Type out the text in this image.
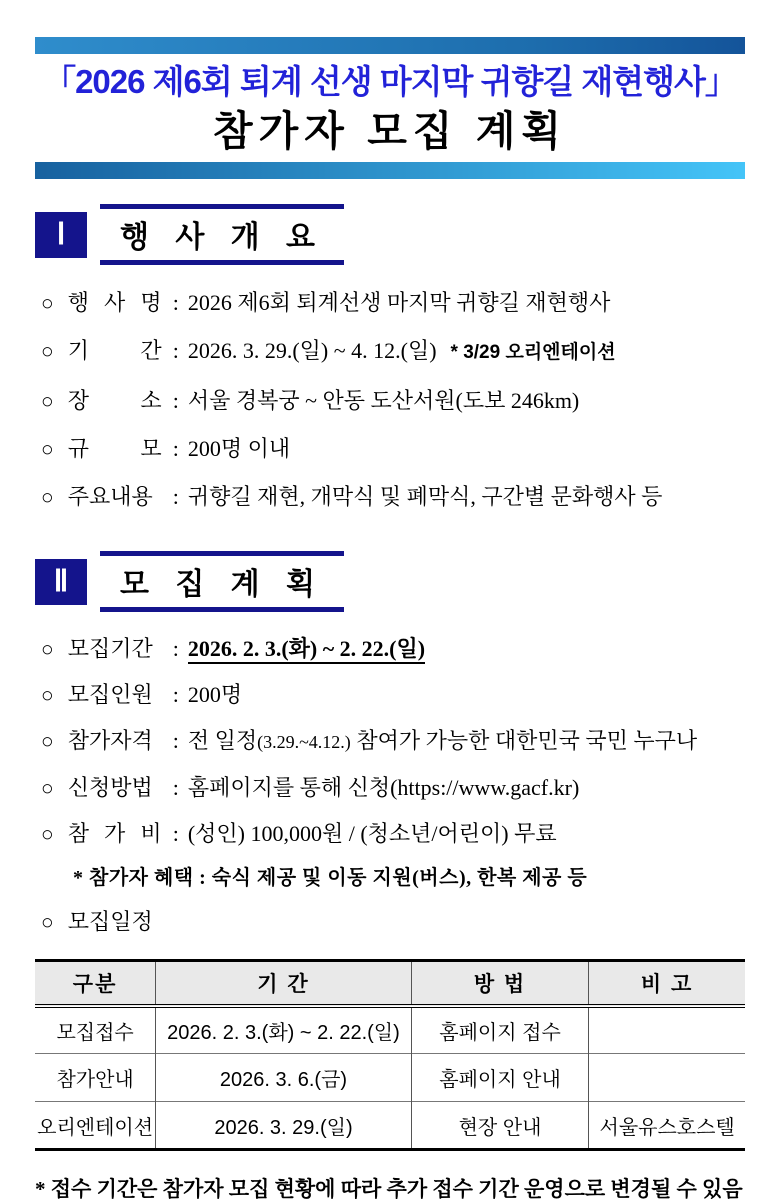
「2026 제6회 퇴계 선생 마지막 귀향길 재현행사」
참가자 모집 계획
Ⅰ	행 사 개 요
○ 행 사 명 : 2026 제6회 퇴계선생 마지막 귀향길 재현행사
○ 기 간 : 2026. 3. 29.(일) ~ 4. 12.(일) * 3/29 오리엔테이션
○ 장 소 : 서울 경복궁 ~ 안동 도산서원(도보 246km)
○ 규 모 : 200명 이내
○ 주요내용 : 귀향길 재현, 개막식 및 폐막식, 구간별 문화행사 등
Ⅱ	모 집 계 획
○ 모집기간 : 2026. 2. 3.(화) ~ 2. 22.(일)
○ 모집인원 : 200명
○ 참가자격 : 전 일정(3.29.~4.12.) 참여가 가능한 대한민국 국민 누구나
○ 신청방법 : 홈페이지를 통해 신청(https://www.gacf.kr)
○ 참 가 비 : (성인) 100,000원 / (청소년/어린이) 무료
* 참가자 혜택 : 숙식 제공 및 이동 지원(버스), 한복 제공 등
○ 모집일정
구분	기 간	방 법	비 고
모집접수	2026. 2. 3.(화) ~ 2. 22.(일)	홈페이지 접수	
참가안내	2026. 3. 6.(금)	홈페이지 안내	
오리엔테이션	2026. 3. 29.(일)	현장 안내	서울유스호스텔
* 접수 기간은 참가자 모집 현황에 따라 추가 접수 기간 운영으로 변경될 수 있음
